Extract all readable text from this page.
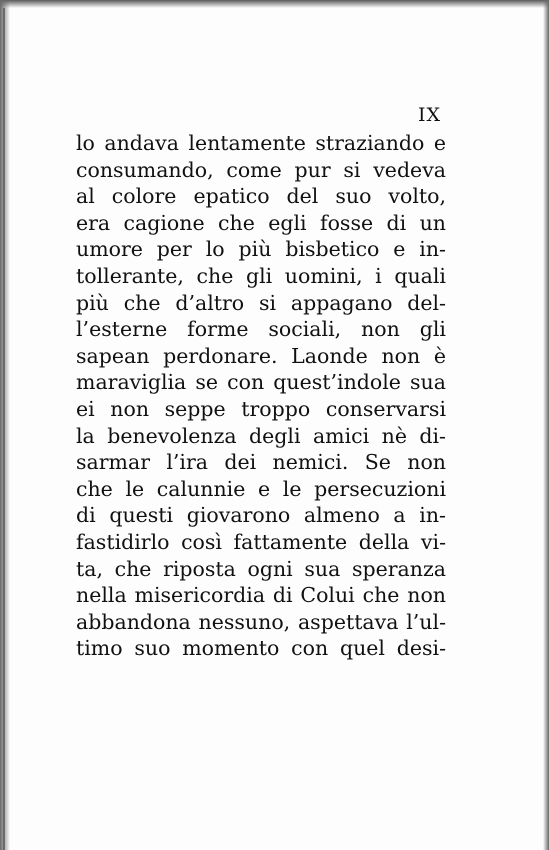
IX
lo andava lentamente straziando e
consumando, come pur si vedeva
al colore epatico del suo volto,
era cagione che egli fosse di un
umore per lo più bisbetico e in-
tollerante, che gli uomini, i quali
più che d’altro si appagano del-
l’esterne forme sociali, non gli
sapean perdonare. Laonde non è
maraviglia se con quest’indole sua
ei non seppe troppo conservarsi
la benevolenza degli amici nè di-
sarmar l’ira dei nemici. Se non
che le calunnie e le persecuzioni
di questi giovarono almeno a in-
fastidirlo così fattamente della vi-
ta, che riposta ogni sua speranza
nella misericordia di Colui che non
abbandona nessuno, aspettava l’ul-
timo suo momento con quel desi-
